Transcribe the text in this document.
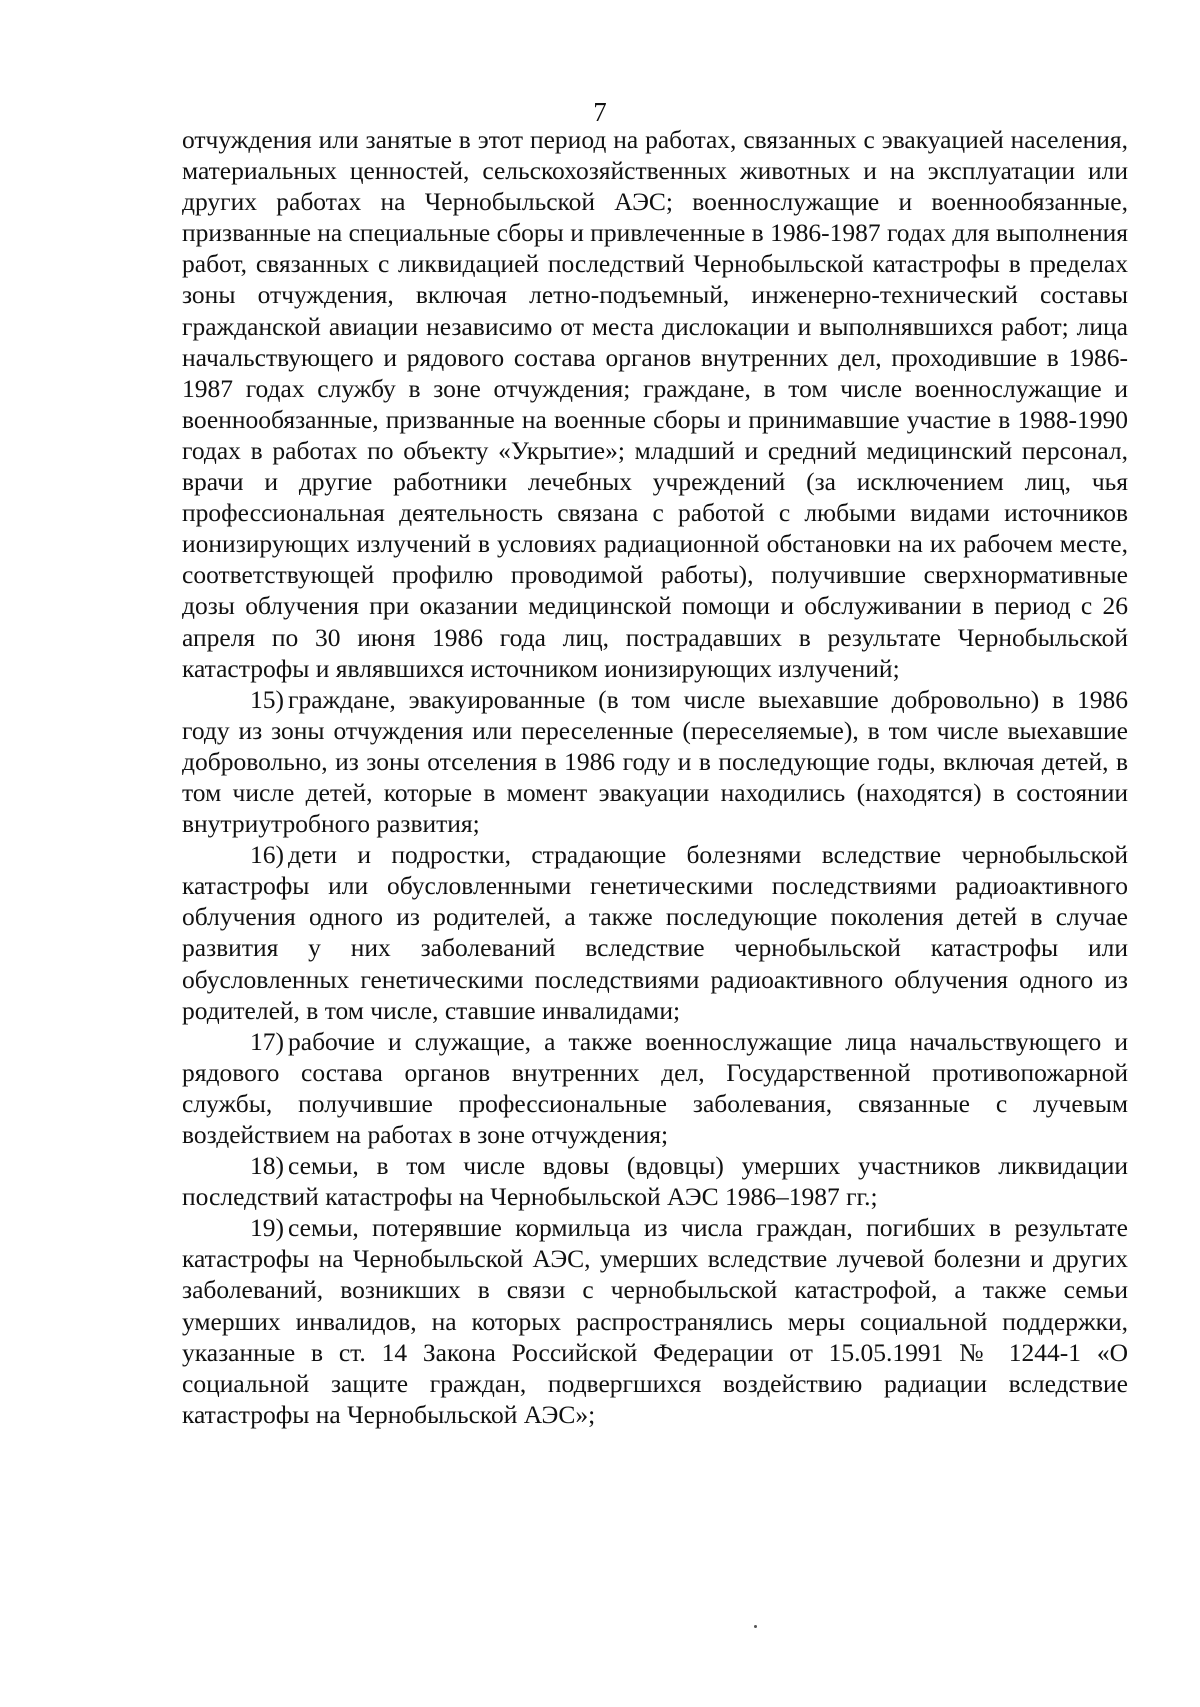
7

отчуждения или занятые в этот период на работах, связанных с эвакуацией населения, материальных ценностей, сельскохозяйственных животных и на эксплуатации или других работах на Чернобыльской АЭС; военнослужащие и военнообязанные, призванные на специальные сборы и привлеченные в 1986-1987 годах для выполнения работ, связанных с ликвидацией последствий Чернобыльской катастрофы в пределах зоны отчуждения, включая летно-подъемный, инженерно-технический составы гражданской авиации независимо от места дислокации и выполнявшихся работ; лица начальствующего и рядового состава органов внутренних дел, проходившие в 1986-1987 годах службу в зоне отчуждения; граждане, в том числе военнослужащие и военнообязанные, призванные на военные сборы и принимавшие участие в 1988-1990 годах в работах по объекту «Укрытие»; младший и средний медицинский персонал, врачи и другие работники лечебных учреждений (за исключением лиц, чья профессиональная деятельность связана с работой с любыми видами источников ионизирующих излучений в условиях радиационной обстановки на их рабочем месте, соответствующей профилю проводимой работы), получившие сверхнормативные дозы облучения при оказании медицинской помощи и обслуживании в период с 26 апреля по 30 июня 1986 года лиц, пострадавших в результате Чернобыльской катастрофы и являвшихся источником ионизирующих излучений;

15) граждане, эвакуированные (в том числе выехавшие добровольно) в 1986 году из зоны отчуждения или переселенные (переселяемые), в том числе выехавшие добровольно, из зоны отселения в 1986 году и в последующие годы, включая детей, в том числе детей, которые в момент эвакуации находились (находятся) в состоянии внутриутробного развития;

16) дети и подростки, страдающие болезнями вследствие чернобыльской катастрофы или обусловленными генетическими последствиями радиоактивного облучения одного из родителей, а также последующие поколения детей в случае развития у них заболеваний вследствие чернобыльской катастрофы или обусловленных генетическими последствиями радиоактивного облучения одного из родителей, в том числе, ставшие инвалидами;

17) рабочие и служащие, а также военнослужащие лица начальствующего и рядового состава органов внутренних дел, Государственной противопожарной службы, получившие профессиональные заболевания, связанные с лучевым воздействием на работах в зоне отчуждения;

18) семьи, в том числе вдовы (вдовцы) умерших участников ликвидации последствий катастрофы на Чернобыльской АЭС 1986–1987 гг.;

19) семьи, потерявшие кормильца из числа граждан, погибших в результате катастрофы на Чернобыльской АЭС, умерших вследствие лучевой болезни и других заболеваний, возникших в связи с чернобыльской катастрофой, а также семьи умерших инвалидов, на которых распространялись меры социальной поддержки, указанные в ст. 14 Закона Российской Федерации от 15.05.1991 № 1244-1 «О социальной защите граждан, подвергшихся воздействию радиации вследствие катастрофы на Чернобыльской АЭС»;
